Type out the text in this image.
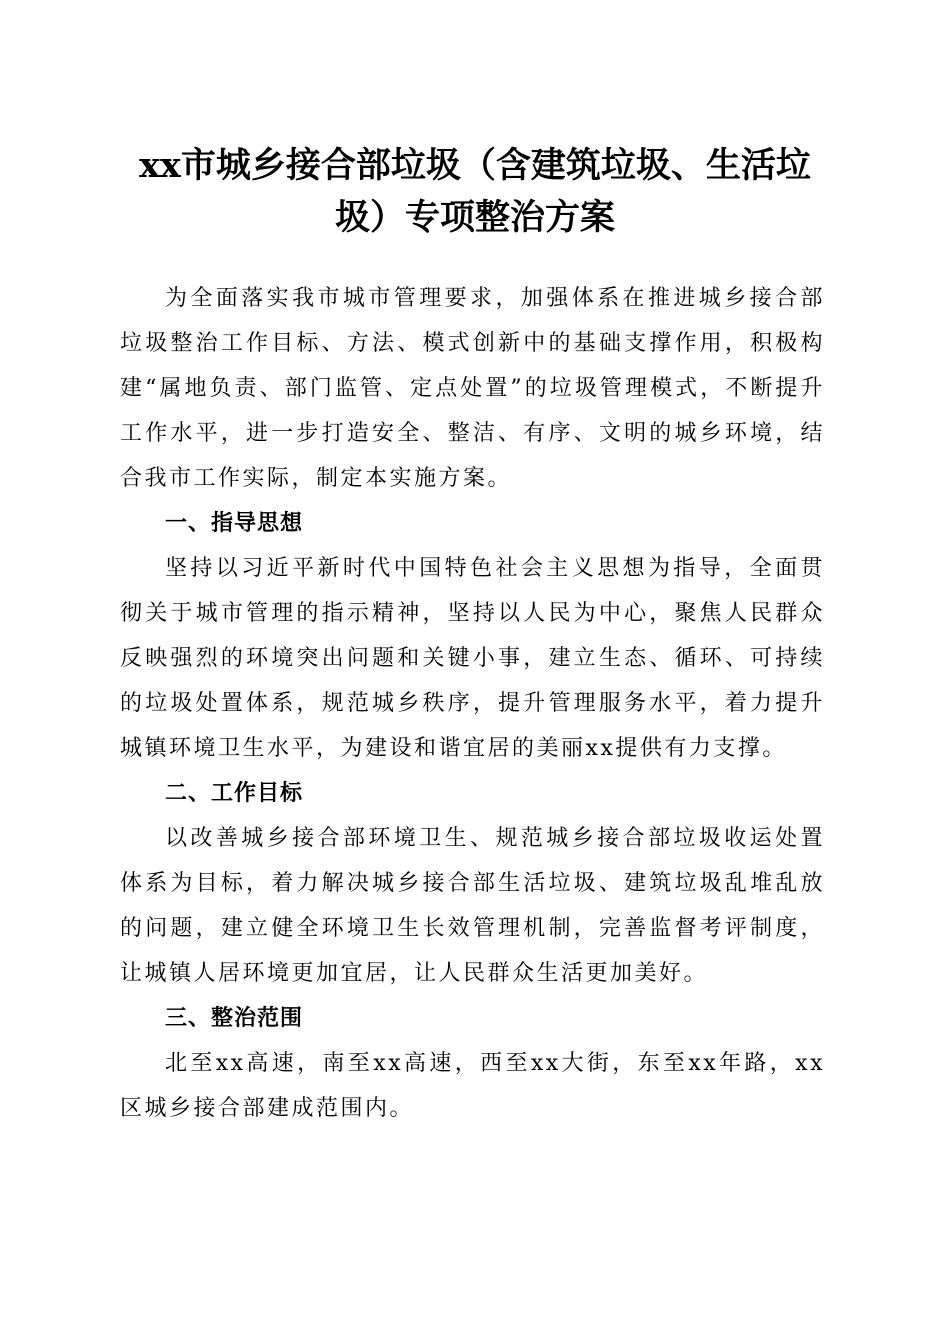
xx市城乡接合部垃圾（含建筑垃圾、生活垃
圾）专项整治方案

为全面落实我市城市管理要求，加强体系在推进城乡接合部垃圾整治工作目标、方法、模式创新中的基础支撑作用，积极构建“属地负责、部门监管、定点处置”的垃圾管理模式，不断提升工作水平，进一步打造安全、整洁、有序、文明的城乡环境，结合我市工作实际，制定本实施方案。

一、指导思想

坚持以习近平新时代中国特色社会主义思想为指导，全面贯彻关于城市管理的指示精神，坚持以人民为中心，聚焦人民群众反映强烈的环境突出问题和关键小事，建立生态、循环、可持续的垃圾处置体系，规范城乡秩序，提升管理服务水平，着力提升城镇环境卫生水平，为建设和谐宜居的美丽xx提供有力支撑。

二、工作目标

以改善城乡接合部环境卫生、规范城乡接合部垃圾收运处置体系为目标，着力解决城乡接合部生活垃圾、建筑垃圾乱堆乱放的问题，建立健全环境卫生长效管理机制，完善监督考评制度，让城镇人居环境更加宜居，让人民群众生活更加美好。

三、整治范围

北至xx高速，南至xx高速，西至xx大街，东至xx年路，xx区城乡接合部建成范围内。
